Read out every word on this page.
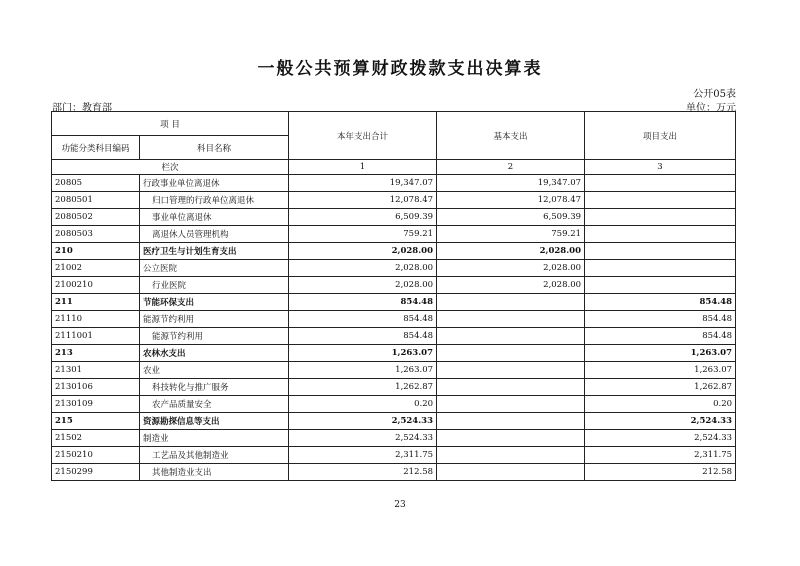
一般公共预算财政拨款支出决算表
公开05表
部门：教育部	单位：万元
项 目		本年支出合计	基本支出	项目支出
功能分类科目编码	科目名称			
栏次		1	2	3
20805	行政事业单位离退休	19,347.07	19,347.07	
2080501	归口管理的行政单位离退休	12,078.47	12,078.47	
2080502	事业单位离退休	6,509.39	6,509.39	
2080503	离退休人员管理机构	759.21	759.21	
210	医疗卫生与计划生育支出	2,028.00	2,028.00	
21002	公立医院	2,028.00	2,028.00	
2100210	行业医院	2,028.00	2,028.00	
211	节能环保支出	854.48		854.48
21110	能源节约利用	854.48		854.48
2111001	能源节约利用	854.48		854.48
213	农林水支出	1,263.07		1,263.07
21301	农业	1,263.07		1,263.07
2130106	科技转化与推广服务	1,262.87		1,262.87
2130109	农产品质量安全	0.20		0.20
215	资源勘探信息等支出	2,524.33		2,524.33
21502	制造业	2,524.33		2,524.33
2150210	工艺品及其他制造业	2,311.75		2,311.75
2150299	其他制造业支出	212.58		212.58
23
